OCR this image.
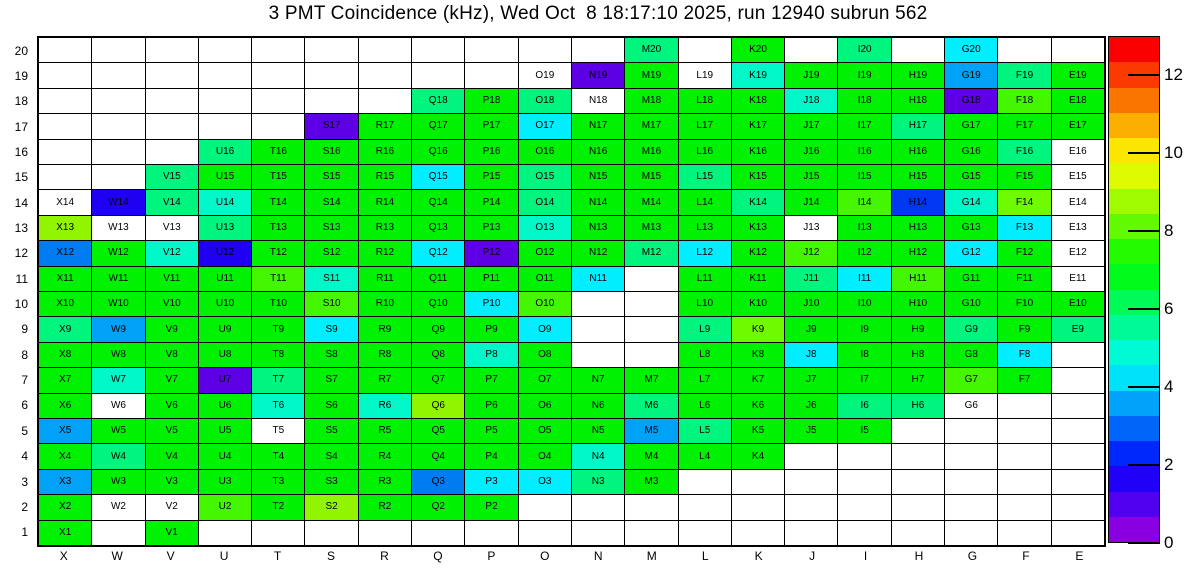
3 PMT Coincidence (kHz), Wed Oct  8 18:17:10 2025, run 12940 subrun 562
20
19
18
17
16
15
14
13
12
11
10
9
8
7
6
5
4
3
2
1
M20	K20	I20	G20
O19	N19	M19	L19	K19	J19	I19	H19	G19	F19	E19
Q18	P18	O18	N18	M18	L18	K18	J18	I18	H18	G18	F18	E18
S17	R17	Q17	P17	O17	N17	M17	L17	K17	J17	I17	H17	G17	F17	E17
U16	T16	S16	R16	Q16	P16	O16	N16	M16	L16	K16	J16	I16	H16	G16	F16	E16
V15	U15	T15	S15	R15	Q15	P15	O15	N15	M15	L15	K15	J15	I15	H15	G15	F15	E15
X14	W14	V14	U14	T14	S14	R14	Q14	P14	O14	N14	M14	L14	K14	J14	I14	H14	G14	F14	E14
X13	W13	V13	U13	T13	S13	R13	Q13	P13	O13	N13	M13	L13	K13	J13	I13	H13	G13	F13	E13
X12	W12	V12	U12	T12	S12	R12	Q12	P12	O12	N12	M12	L12	K12	J12	I12	H12	G12	F12	E12
X11	W11	V11	U11	T11	S11	R11	Q11	P11	O11	N11	L11	K11	J11	I11	H11	G11	F11	E11
X10	W10	V10	U10	T10	S10	R10	Q10	P10	O10	L10	K10	J10	I10	H10	G10	F10	E10
X9	W9	V9	U9	T9	S9	R9	Q9	P9	O9	L9	K9	J9	I9	H9	G9	F9	E9
X8	W8	V8	U8	T8	S8	R8	Q8	P8	O8	L8	K8	J8	I8	H8	G8	F8
X7	W7	V7	U7	T7	S7	R7	Q7	P7	O7	N7	M7	L7	K7	J7	I7	H7	G7	F7
X6	W6	V6	U6	T6	S6	R6	Q6	P6	O6	N6	M6	L6	K6	J6	I6	H6	G6
X5	W5	V5	U5	T5	S5	R5	Q5	P5	O5	N5	M5	L5	K5	J5	I5
X4	W4	V4	U4	T4	S4	R4	Q4	P4	O4	N4	M4	L4	K4
X3	W3	V3	U3	T3	S3	R3	Q3	P3	O3	N3	M3
X2	W2	V2	U2	T2	S2	R2	Q2	P2
X1	V1
X	W	V	U	T	S	R	Q	P	O	N	M	L	K	J	I	H	G	F	E
12
10
8
6
4
2
0
